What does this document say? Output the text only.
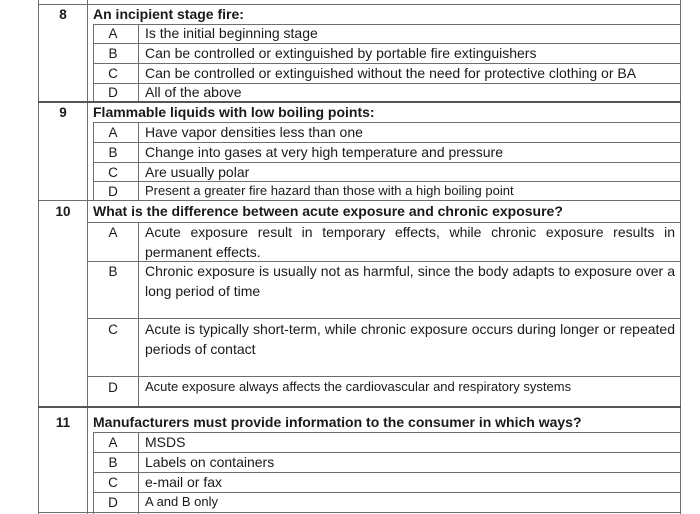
8	An incipient stage fire:
A	Is the initial beginning stage
B	Can be controlled or extinguished by portable fire extinguishers
C	Can be controlled or extinguished without the need for protective clothing or BA
D	All of the above
9	Flammable liquids with low boiling points:
A	Have vapor densities less than one
B	Change into gases at very high temperature and pressure
C	Are usually polar
D	Present a greater fire hazard than those with a high boiling point
10	What is the difference between acute exposure and chronic exposure?
A	Acute exposure result in temporary effects, while chronic exposure results in permanent effects.
B	Chronic exposure is usually not as harmful, since the body adapts to exposure over a long period of time
C	Acute is typically short-term, while chronic exposure occurs during longer or repeated periods of contact
D	Acute exposure always affects the cardiovascular and respiratory systems
11	Manufacturers must provide information to the consumer in which ways?
A	MSDS
B	Labels on containers
C	e-mail or fax
D	A and B only
